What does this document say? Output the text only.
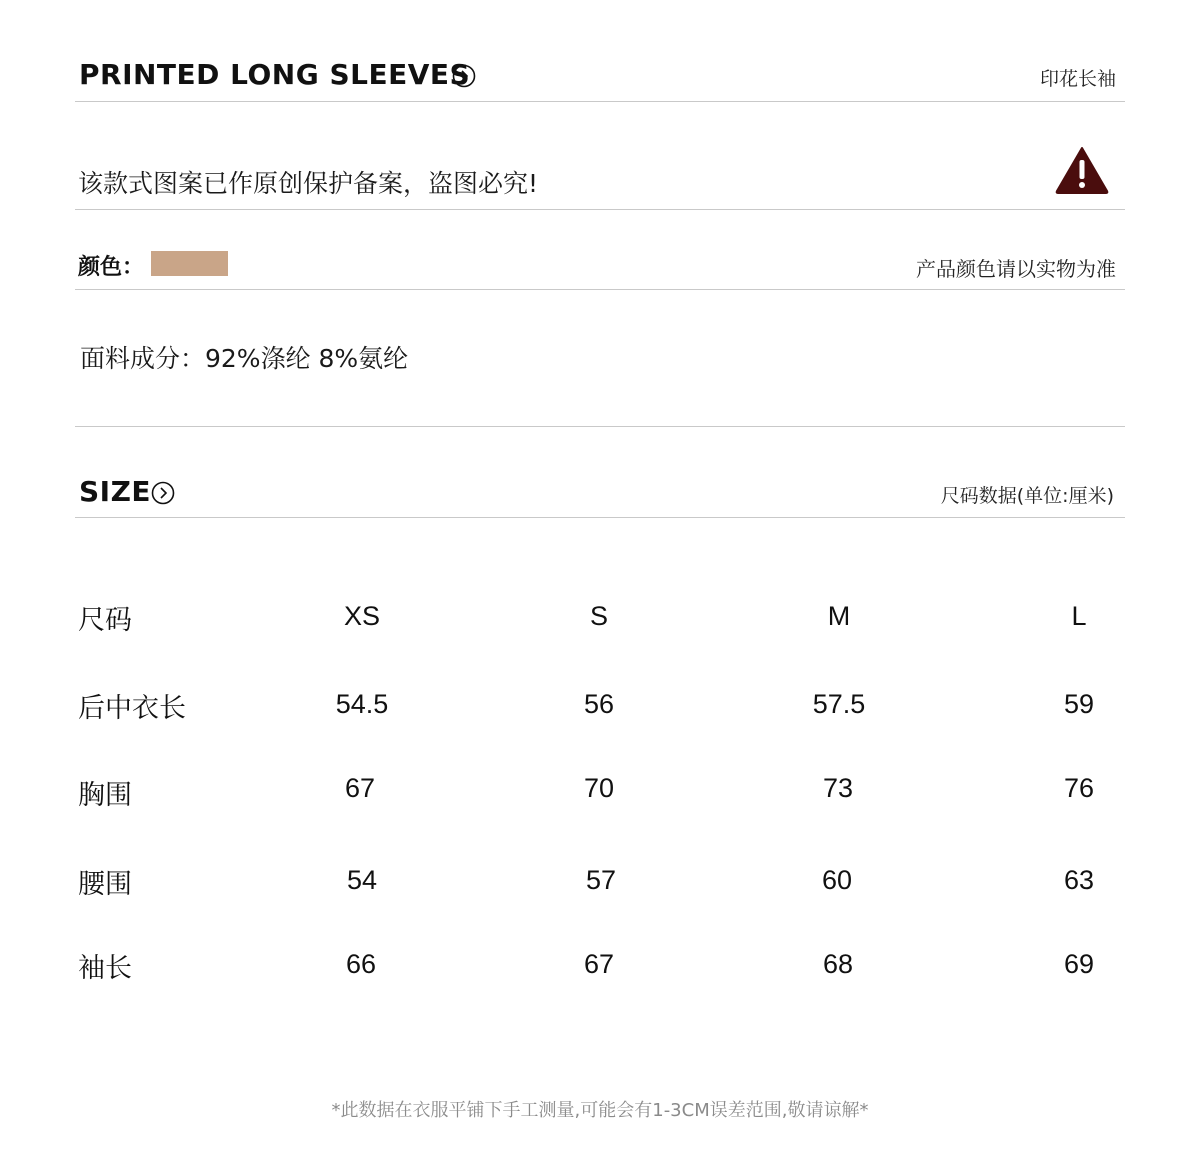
PRINTED LONG SLEEVES	印花长袖
该款式图案已作原创保护备案，盗图必究!
颜色：	产品颜色请以实物为准
面料成分：92%涤纶 8%氨纶
SIZE	尺码数据(单位:厘米)
尺码	XS	S	M	L
后中衣长	54.5	56	57.5	59
胸围	67	70	73	76
腰围	54	57	60	63
袖长	66	67	68	69
*此数据在衣服平铺下手工测量,可能会有1-3CM误差范围,敬请谅解*
